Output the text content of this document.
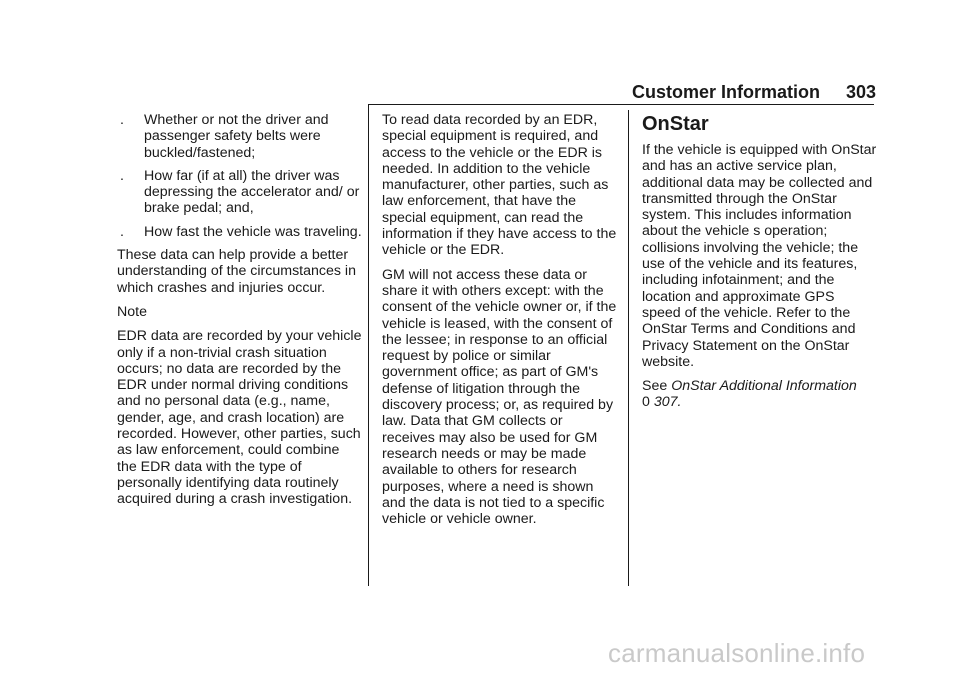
Customer Information 303
.	Whether or not the driver and passenger safety belts were buckled/fastened;
.	How far (if at all) the driver was depressing the accelerator and/ or brake pedal; and,
.	How fast the vehicle was traveling.

These data can help provide a better understanding of the circumstances in which crashes and injuries occur.

Note

EDR data are recorded by your vehicle only if a non-trivial crash situation occurs; no data are recorded by the EDR under normal driving conditions and no personal data (e.g., name, gender, age, and crash location) are recorded. However, other parties, such as law enforcement, could combine the EDR data with the type of personally identifying data routinely acquired during a crash investigation.

To read data recorded by an EDR, special equipment is required, and access to the vehicle or the EDR is needed. In addition to the vehicle manufacturer, other parties, such as law enforcement, that have the special equipment, can read the information if they have access to the vehicle or the EDR.

GM will not access these data or share it with others except: with the consent of the vehicle owner or, if the vehicle is leased, with the consent of the lessee; in response to an official request by police or similar government office; as part of GM's defense of litigation through the discovery process; or, as required by law. Data that GM collects or receives may also be used for GM research needs or may be made available to others for research purposes, where a need is shown and the data is not tied to a specific vehicle or vehicle owner.

OnStar

If the vehicle is equipped with OnStar and has an active service plan, additional data may be collected and transmitted through the OnStar system. This includes information about the vehicle s operation; collisions involving the vehicle; the use of the vehicle and its features, including infotainment; and the location and approximate GPS speed of the vehicle. Refer to the OnStar Terms and Conditions and Privacy Statement on the OnStar website.

See OnStar Additional Information
0 307.

carmanualsonline.info
